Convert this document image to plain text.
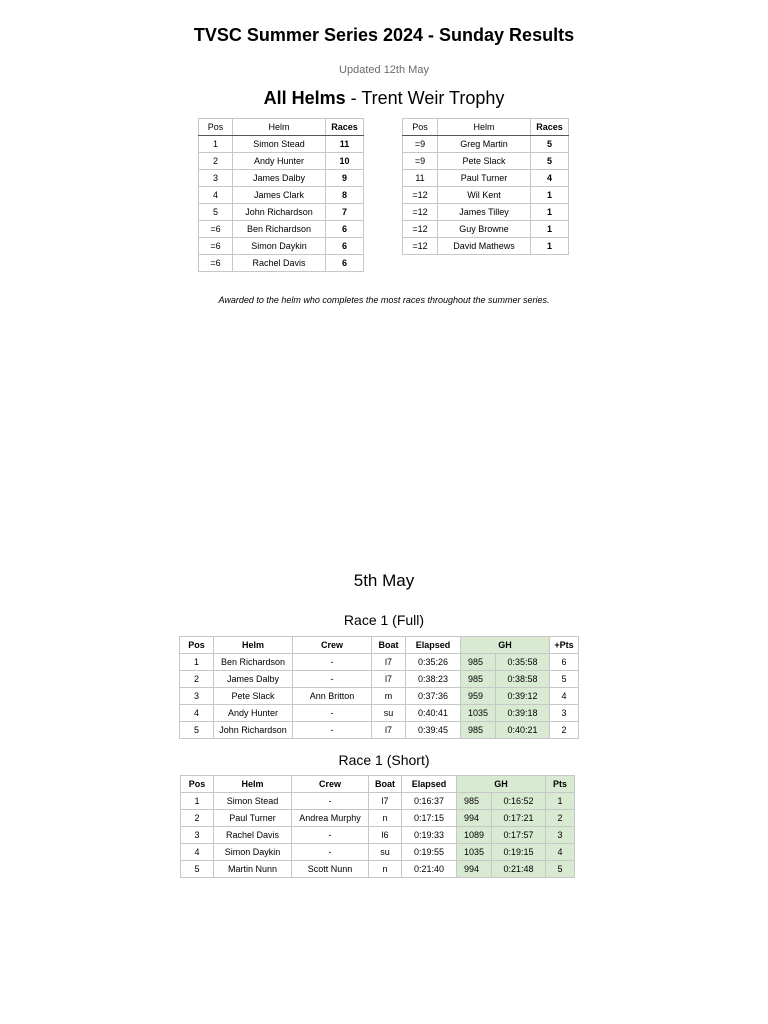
TVSC Summer Series 2024 - Sunday Results
Updated 12th May
All Helms - Trent Weir Trophy
Pos	Helm	Races
1	Simon Stead	11
2	Andy Hunter	10
3	James Dalby	9
4	James Clark	8
5	John Richardson	7
=6	Ben Richardson	6
=6	Simon Daykin	6
=6	Rachel Davis	6
Pos	Helm	Races
=9	Greg Martin	5
=9	Pete Slack	5
11	Paul Turner	4
=12	Wil Kent	1
=12	James Tilley	1
=12	Guy Browne	1
=12	David Mathews	1
Awarded to the helm who completes the most races throughout the summer series.
5th May
Race 1 (Full)
Pos	Helm	Crew	Boat	Elapsed	GH		+Pts
1	Ben Richardson	-	l7	0:35:26	985	0:35:58	6
2	James Dalby	-	l7	0:38:23	985	0:38:58	5
3	Pete Slack	Ann Britton	m	0:37:36	959	0:39:12	4
4	Andy Hunter	-	su	0:40:41	1035	0:39:18	3
5	John Richardson	-	l7	0:39:45	985	0:40:21	2
Race 1 (Short)
Pos	Helm	Crew	Boat	Elapsed	GH		Pts
1	Simon Stead	-	l7	0:16:37	985	0:16:52	1
2	Paul Turner	Andrea Murphy	n	0:17:15	994	0:17:21	2
3	Rachel Davis	-	l6	0:19:33	1089	0:17:57	3
4	Simon Daykin	-	su	0:19:55	1035	0:19:15	4
5	Martin Nunn	Scott Nunn	n	0:21:40	994	0:21:48	5
